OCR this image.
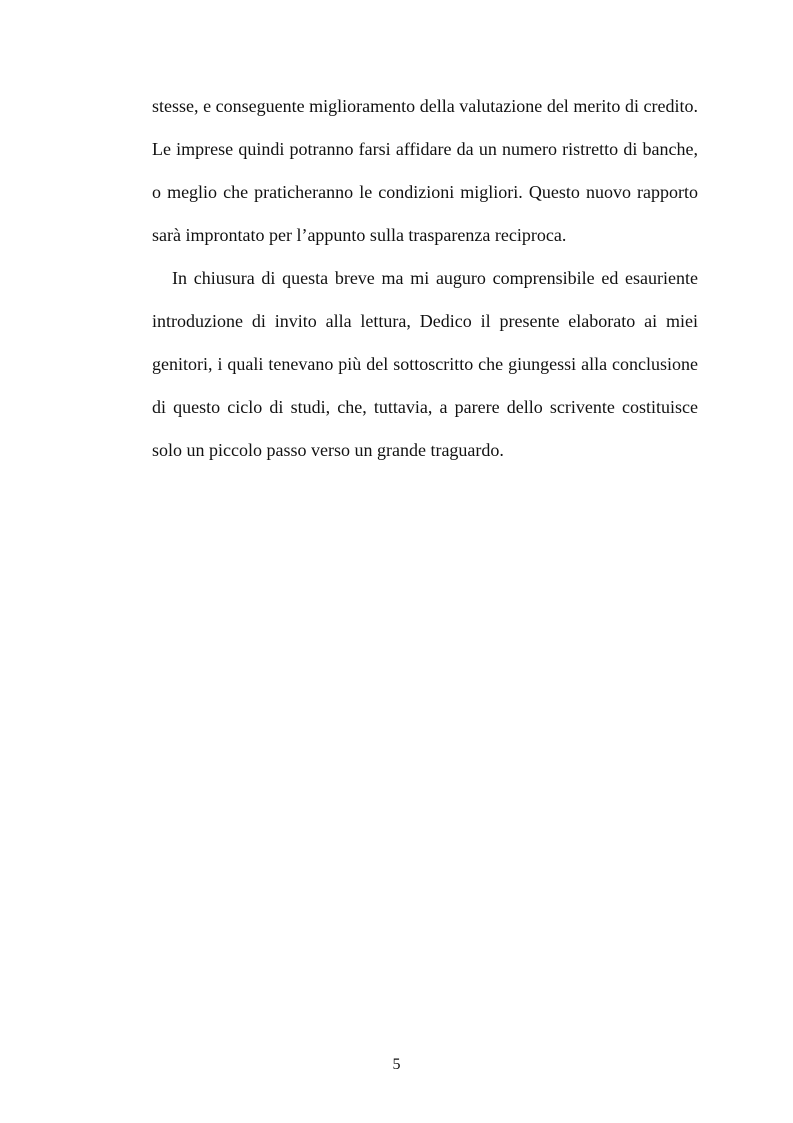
stesse, e conseguente miglioramento della valutazione del merito di credito.
Le imprese quindi potranno farsi affidare da un numero ristretto di banche,
o meglio che praticheranno le condizioni migliori. Questo nuovo rapporto
sarà improntato per l’appunto sulla trasparenza reciproca.
In chiusura di questa breve ma mi auguro comprensibile ed esauriente
introduzione di invito alla lettura, Dedico il presente elaborato ai miei
genitori, i quali tenevano più del sottoscritto che giungessi alla conclusione
di questo ciclo di studi, che, tuttavia, a parere dello scrivente costituisce
solo un piccolo passo verso un grande traguardo.
5
